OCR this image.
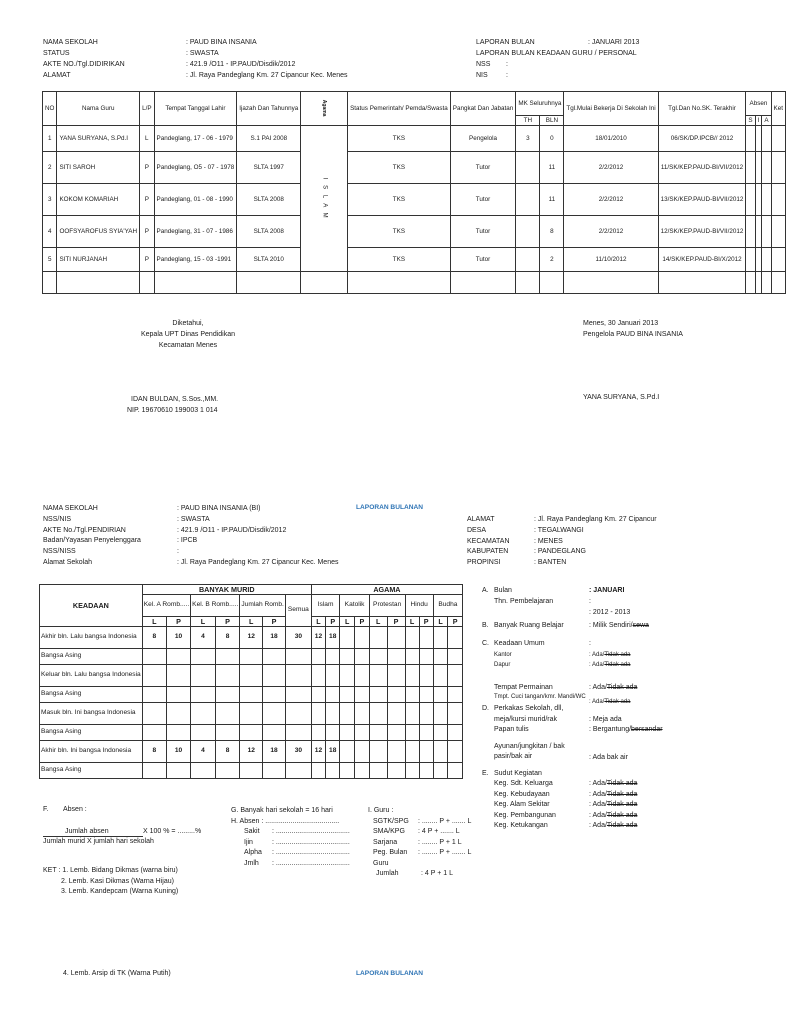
NAMA SEKOLAH	: PAUD BINA INSANIA
STATUS	: SWASTA
AKTE NO./Tgl.DIDIRIKAN	: 421.9 /O11 - IP.PAUD/Disdik/2012
ALAMAT	: Jl. Raya Pandeglang Km. 27 Cipancur Kec. Menes
LAPORAN BULAN	: JANUARI 2013
LAPORAN BULAN KEADAAN GURU / PERSONAL
NSS :
NIS	:
NO	Nama Guru	L/P	Tempat Tanggal Lahir	Ijazah Dan Tahunnya	Agama	Status Pemerintah/ Pemda/Swasta	Pangkat Dan Jabatan	MK Seluruhnya		Tgl.Mulai Bekerja Di Sekolah Ini	Tgl.Dan No.SK. Terakhir	Absen			Ket
								TH	BLN			S	I	A	
1	YANA SURYANA, S.Pd.I	L	Pandeglang, 17 - 06 - 1979	S.1 PAI 2008	I S L A M	TKS	Pengelola	3	0	18/01/2010	06/SK/DP.IPCB// 2012				
2	SITI SAROH	P	Pandeglang, O5 - 07 - 1978	SLTA 1997		TKS	Tutor		11	2/2/2012	11/SK/KEP.PAUD-BI/VII/2012				
3	KOKOM KOMARIAH	P	Pandeglang, 01 - 08 - 1990	SLTA 2008		TKS	Tutor		11	2/2/2012	13/SK/KEP.PAUD-BI/VII/2012				
4	OOFSYAROFUS SYIA'YAH	P	Pandeglang, 31 - 07 - 1986	SLTA 2008		TKS	Tutor		8	2/2/2012	12/SK/KEP.PAUD-BI/VII/2012				
5	SITI NURJANAH	P	Pandeglang, 15 - 03 -1991	SLTA 2010		TKS	Tutor		2	11/10/2012	14/SK/KEP.PAUD-BI/X/2012				

Diketahui,
Kepala UPT Dinas Pendidikan
Kecamatan Menes
IDAN BULDAN, S.Sos.,MM.
NIP. 19670610 199003 1 014
Menes, 30 Januari 2013
Pengelola PAUD BINA INSANIA
YANA SURYANA, S.Pd.I
LAPORAN BULANAN
NAMA SEKOLAH	: PAUD BINA INSANIA (BI)
NSS/NIS	: SWASTA
AKTE No./Tgl.PENDIRIAN	: 421.9 /O11 - IP.PAUD/Disdik/2012
Badan/Yayasan Penyelenggara	: IPCB
NSS/NISS	:
Alamat Sekolah	: Jl. Raya Pandeglang Km. 27 Cipancur Kec. Menes
ALAMAT	: Jl. Raya Pandeglang Km. 27 Cipancur
DESA	: TEGALWANGI
KECAMATAN	: MENES
KABUPATEN	: PANDEGLANG
PROPINSI	: BANTEN
KEADAAN	BANYAK MURID							AGAMA									
	Kel. A Romb.....		Kel. B Romb.....		Jumlah Romb.		Semua	Islam		Katolik		Protestan		Hindu		Budha	
	L	P	L	P	L	P		L	P	L	P	L	P	L	P	L	P
Akhir bln. Lalu bangsa Indonesia	8	10	4	8	12	18	30	12	18								
Bangsa Asing																	
Keluar bln. Lalu bangsa Indonesia																	
Bangsa Asing																	
Masuk bln. Ini bangsa Indonesia																	
Bangsa Asing																	
Akhir bln. Ini bangsa Indonesia	8	10	4	8	12	18	30	12	18								
Bangsa Asing																	
A. Bulan	: JANUARI
Thn. Pembelajaran	:
: 2012 - 2013
B. Banyak Ruang Belajar	: Milik Sendiri/sewa
C. Keadaan Umum	:
Kantor	: Ada/Tidak ada
Dapur	: Ada/Tidak ada
Tempat Permainan	: Ada/Tidak ada
Tmpt. Cuci tangan/kmr. Mandi/WC: Ada/Tidak ada
D. Perkakas Sekolah, dll,
meja/kursi murid/rak	: Meja ada
Papan tulis	: Bergantung/bersandar
Ayunan/jungkitan / bak pasir/bak air	: Ada bak air
E. Sudut Kegiatan
Keg. Sdt. Keluarga	: Ada/Tidak ada
Keg. Kebudayaan	: Ada/Tidak ada
Keg. Alam Sekitar	: Ada/Tidak ada
Keg. Pembangunan	: Ada/Tidak ada
Keg. Ketukangan	: Ada/Tidak ada
F. Absen :
Jumlah absen	X 100 % = .........%
Jumlah murid X jumlah hari sekolah
G. Banyak hari sekolah = 16 hari
H. Absen : ......................................
Sakit : ......................................
Ijin	: ......................................
Alpha : ......................................
Jmlh : ......................................
I. Guru :
SGTK/SPG : ........ P + ....... L
SMA/KPG : 4 P + ....... L
Sarjana	: ........ P + 1 L
Peg. Bulan : ........ P + ....... L
Guru
Jumlah	: 4 P + 1 L
KET : 1. Lemb. Bidang Dikmas (warna biru)
2. Lemb. Kasi Dikmas (Warna Hijau)
3. Lemb. Kandepcam (Warna Kuning)
4. Lemb. Arsip di TK (Warna Putih)	LAPORAN BULANAN
